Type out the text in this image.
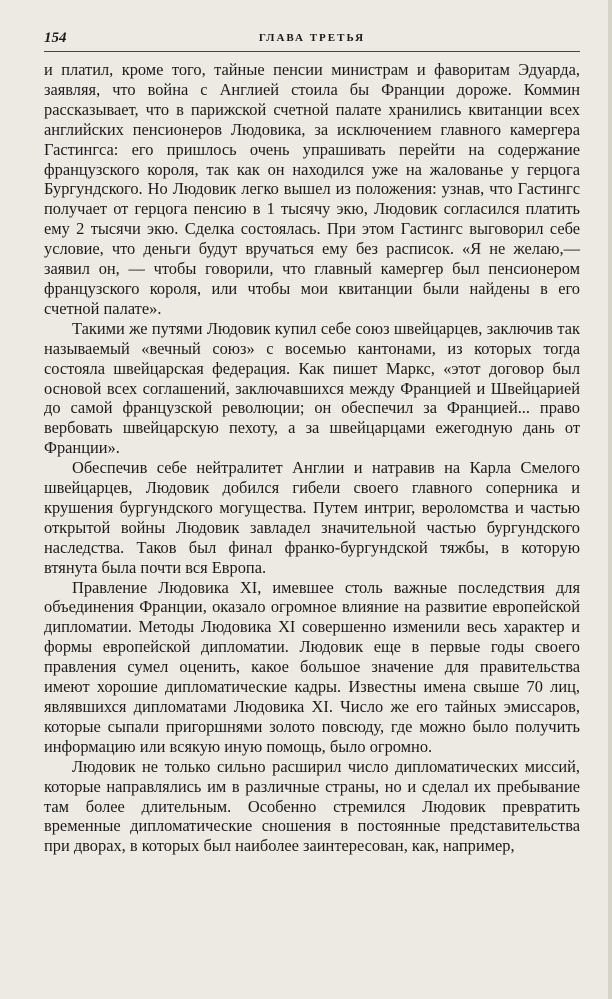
154	ГЛАВА ТРЕТЬЯ

и платил, кроме того, тайные пенсии министрам и фаворитам Эдуарда, заявляя, что война с Англией стоила бы Франции дороже. Коммин рассказывает, что в парижской счетной палате хранились квитанции всех английских пенсионеров Людовика, за исключением главного камергера Гастингса: его пришлось очень упрашивать перейти на содержание французского короля, так как он находился уже на жалованье у герцога Бургундского. Но Людовик легко вышел из положения: узнав, что Гастингс получает от герцога пенсию в 1 тысячу экю, Людовик согласился платить ему 2 тысячи экю. Сделка состоялась. При этом Гастингс выговорил себе условие, что деньги будут вручаться ему без расписок. «Я не желаю,— заявил он, — чтобы говорили, что главный камергер был пенсионером французского короля, или чтобы мои квитанции были найдены в его счетной палате».

Такими же путями Людовик купил себе союз швейцарцев, заключив так называемый «вечный союз» с восемью кантонами, из которых тогда состояла швейцарская федерация. Как пишет Маркс, «этот договор был основой всех соглашений, заключавшихся между Францией и Швейцарией до самой французской революции; он обеспечил за Францией... право вербовать швейцарскую пехоту, а за швейцарцами ежегодную дань от Франции».

Обеспечив себе нейтралитет Англии и натравив на Карла Смелого швейцарцев, Людовик добился гибели своего главного соперника и крушения бургундского могущества. Путем интриг, вероломства и частью открытой войны Людовик завладел значительной частью бургундского наследства. Таков был финал франко-бургундской тяжбы, в которую втянута была почти вся Европа.

Правление Людовика XI, имевшее столь важные последствия для объединения Франции, оказало огромное влияние на развитие европейской дипломатии. Методы Людовика XI совершенно изменили весь характер и формы европейской дипломатии. Людовик еще в первые годы своего правления сумел оценить, какое большое значение для правительства имеют хорошие дипломатические кадры. Известны имена свыше 70 лиц, являвшихся дипломатами Людовика XI. Число же его тайных эмиссаров, которые сыпали пригоршнями золото повсюду, где можно было получить информацию или всякую иную помощь, было огромно.

Людовик не только сильно расширил число дипломатических миссий, которые направлялись им в различные страны, но и сделал их пребывание там более длительным. Особенно стремился Людовик превратить временные дипломатические сношения в постоянные представительства при дворах, в которых был наиболее заинтересован, как, например,
